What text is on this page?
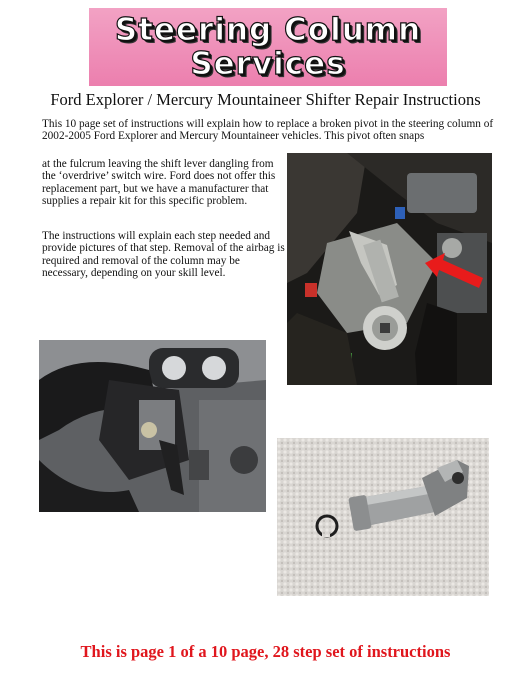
Steering Column
Services
Ford Explorer / Mercury Mountaineer Shifter Repair Instructions

This 10 page set of instructions will explain how to replace a broken pivot in the steering column of 2002-2005 Ford Explorer and Mercury Mountaineer vehicles. This pivot often snaps

at the fulcrum leaving the shift lever dangling from the ‘overdrive’ switch wire. Ford does not offer this replacement part, but we have a manufacturer that supplies a repair kit for this specific problem.

The instructions will explain each step needed and provide pictures of that step. Removal of the airbag is required and removal of the column may be necessary, depending on your skill level.

This is page 1 of a 10 page, 28 step set of instructions
